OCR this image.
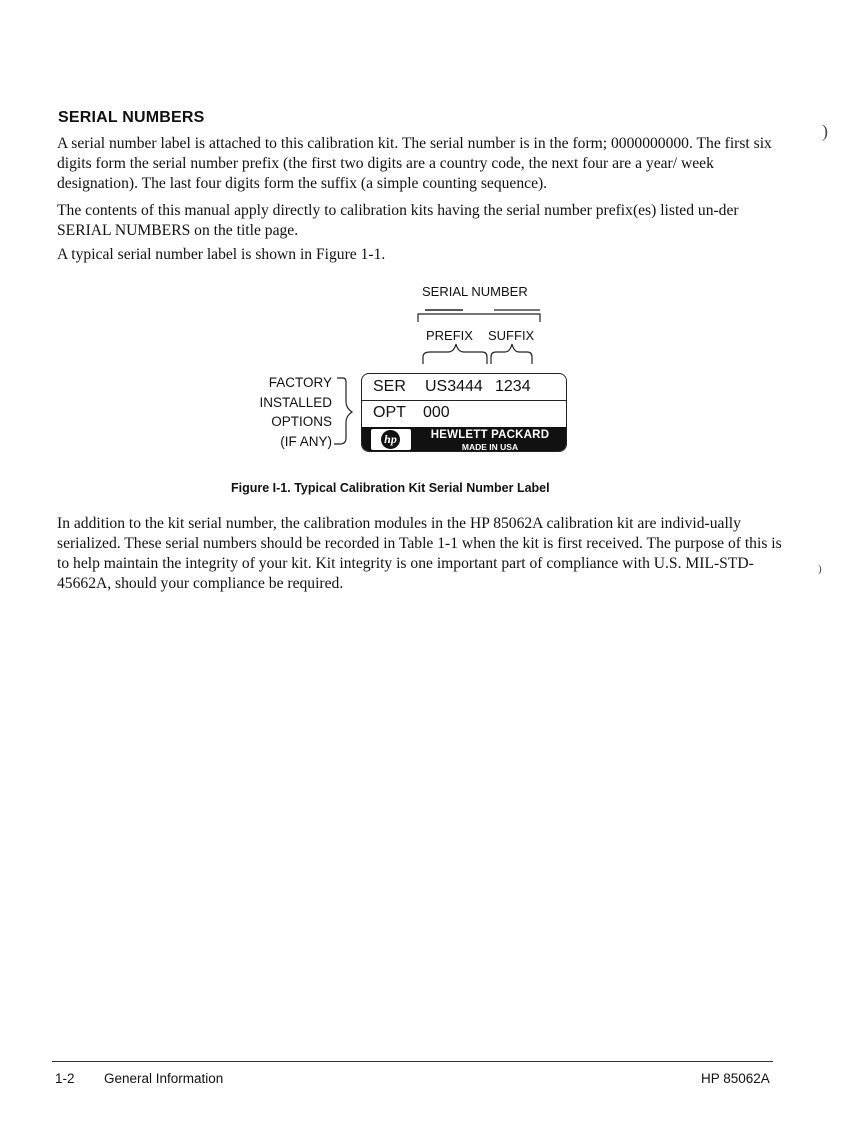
SERIAL NUMBERS

A serial number label is attached to this calibration kit. The serial number is in the form; 0000000000. The first six digits form the serial number prefix (the first two digits are a country code, the next four are a year/ week designation). The last four digits form the suffix (a simple counting sequence).

The contents of this manual apply directly to calibration kits having the serial number prefix(es) listed un-der SERIAL NUMBERS on the title page.

A typical serial number label is shown in Figure 1-1.

)
SERIAL NUMBER
PREFIX SUFFIX
FACTORY
INSTALLED
OPTIONS
(IF ANY)
SER US3444 1234
OPT 000
hp	HEWLETT PACKARD
MADE IN USA
Figure I-1. Typical Calibration Kit Serial Number Label

In addition to the kit serial number, the calibration modules in the HP 85062A calibration kit are individ-ually serialized. These serial numbers should be recorded in Table 1-1 when the kit is first received. The purpose of this is to help maintain the integrity of your kit. Kit integrity is one important part of compliance with U.S. MIL-STD-45662A, should your compliance be required.

)
1-2 General Information	HP 85062A
